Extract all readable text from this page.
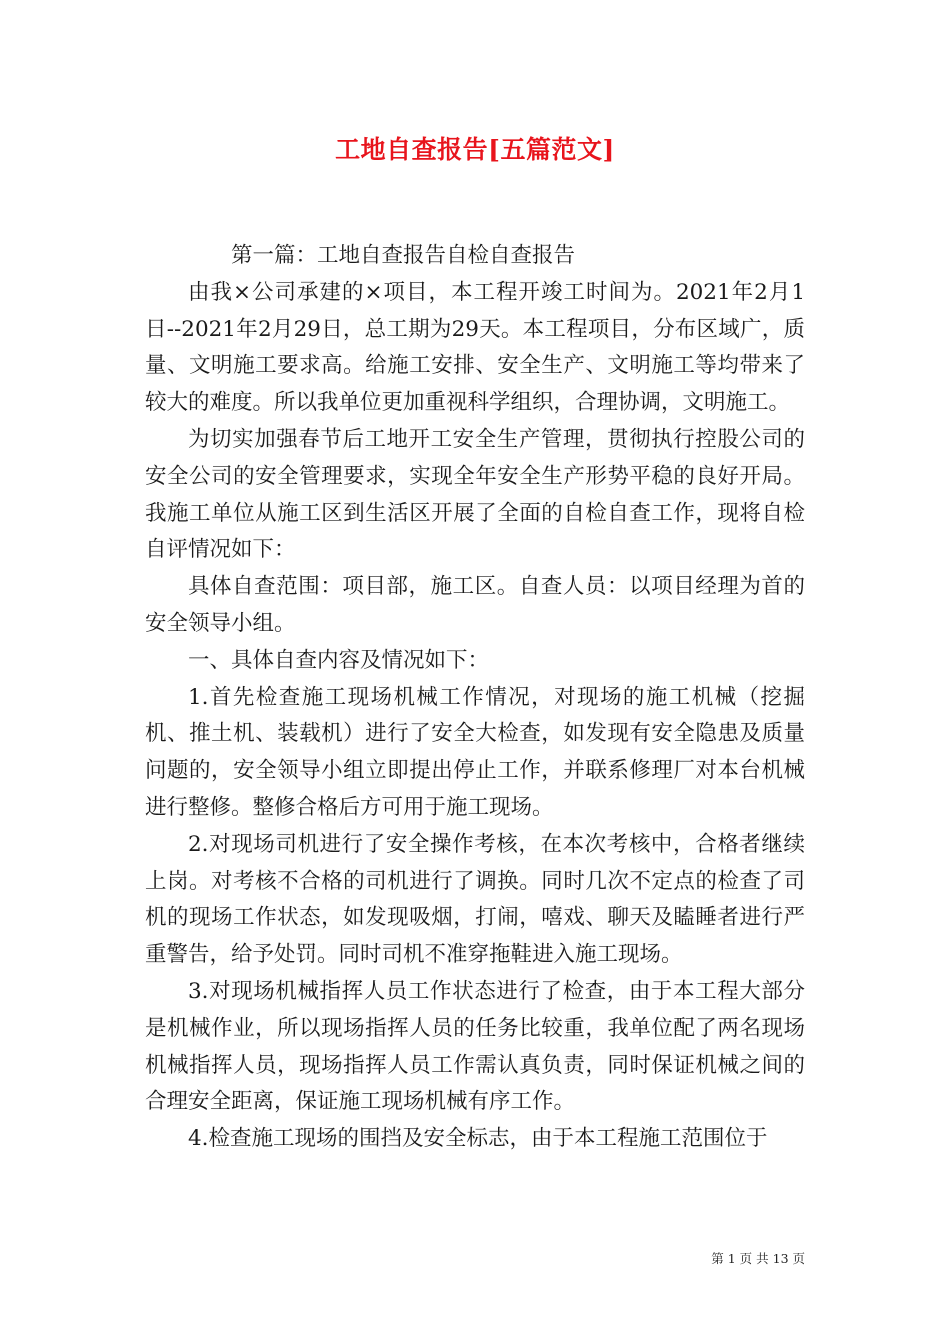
工地自查报告[五篇范文]

第一篇：工地自查报告自检自查报告

由我×公司承建的×项目，本工程开竣工时间为。2021年2月1日--2021年2月29日，总工期为29天。本工程项目，分布区域广，质量、文明施工要求高。给施工安排、安全生产、文明施工等均带来了较大的难度。所以我单位更加重视科学组织，合理协调，文明施工。

为切实加强春节后工地开工安全生产管理，贯彻执行控股公司的安全公司的安全管理要求，实现全年安全生产形势平稳的良好开局。我施工单位从施工区到生活区开展了全面的自检自查工作，现将自检自评情况如下：

具体自查范围：项目部，施工区。自查人员：以项目经理为首的安全领导小组。

一、具体自查内容及情况如下：

1.首先检查施工现场机械工作情况，对现场的施工机械（挖掘机、推土机、装载机）进行了安全大检查，如发现有安全隐患及质量问题的，安全领导小组立即提出停止工作，并联系修理厂对本台机械进行整修。整修合格后方可用于施工现场。

2.对现场司机进行了安全操作考核，在本次考核中，合格者继续上岗。对考核不合格的司机进行了调换。同时几次不定点的检查了司机的现场工作状态，如发现吸烟，打闹，嘻戏、聊天及瞌睡者进行严重警告，给予处罚。同时司机不准穿拖鞋进入施工现场。

3.对现场机械指挥人员工作状态进行了检查，由于本工程大部分是机械作业，所以现场指挥人员的任务比较重，我单位配了两名现场机械指挥人员，现场指挥人员工作需认真负责，同时保证机械之间的合理安全距离，保证施工现场机械有序工作。

4.检查施工现场的围挡及安全标志，由于本工程施工范围位于

第 1 页 共 13 页
